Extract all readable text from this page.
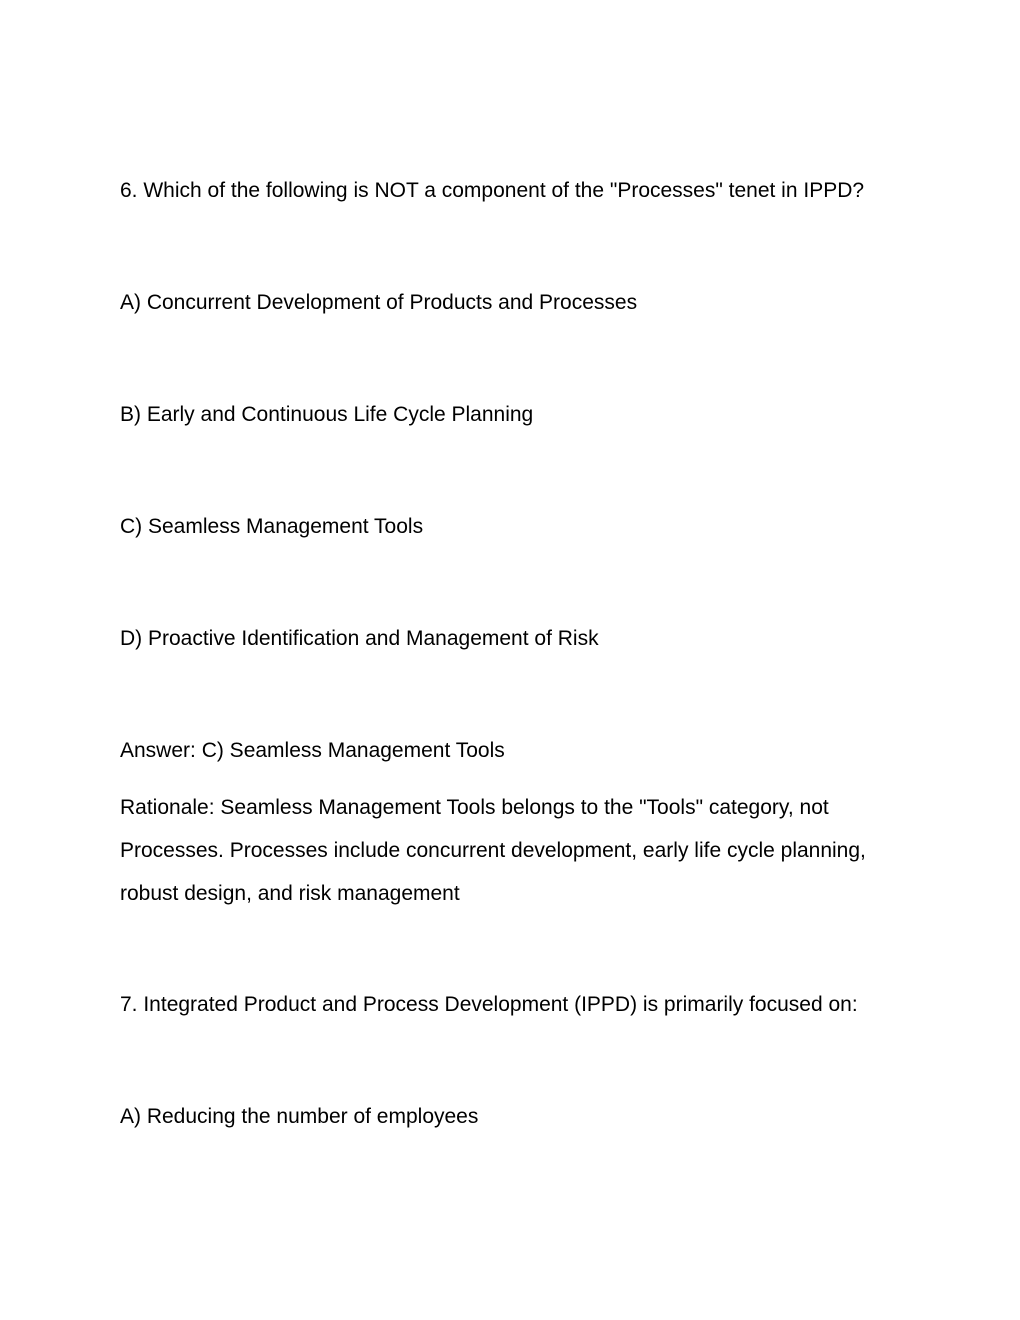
6. Which of the following is NOT a component of the "Processes" tenet in IPPD?

A) Concurrent Development of Products and Processes

B) Early and Continuous Life Cycle Planning

C) Seamless Management Tools

D) Proactive Identification and Management of Risk

Answer: C) Seamless Management Tools

Rationale: Seamless Management Tools belongs to the "Tools" category, not
Processes. Processes include concurrent development, early life cycle planning,
robust design, and risk management

7. Integrated Product and Process Development (IPPD) is primarily focused on:

A) Reducing the number of employees
